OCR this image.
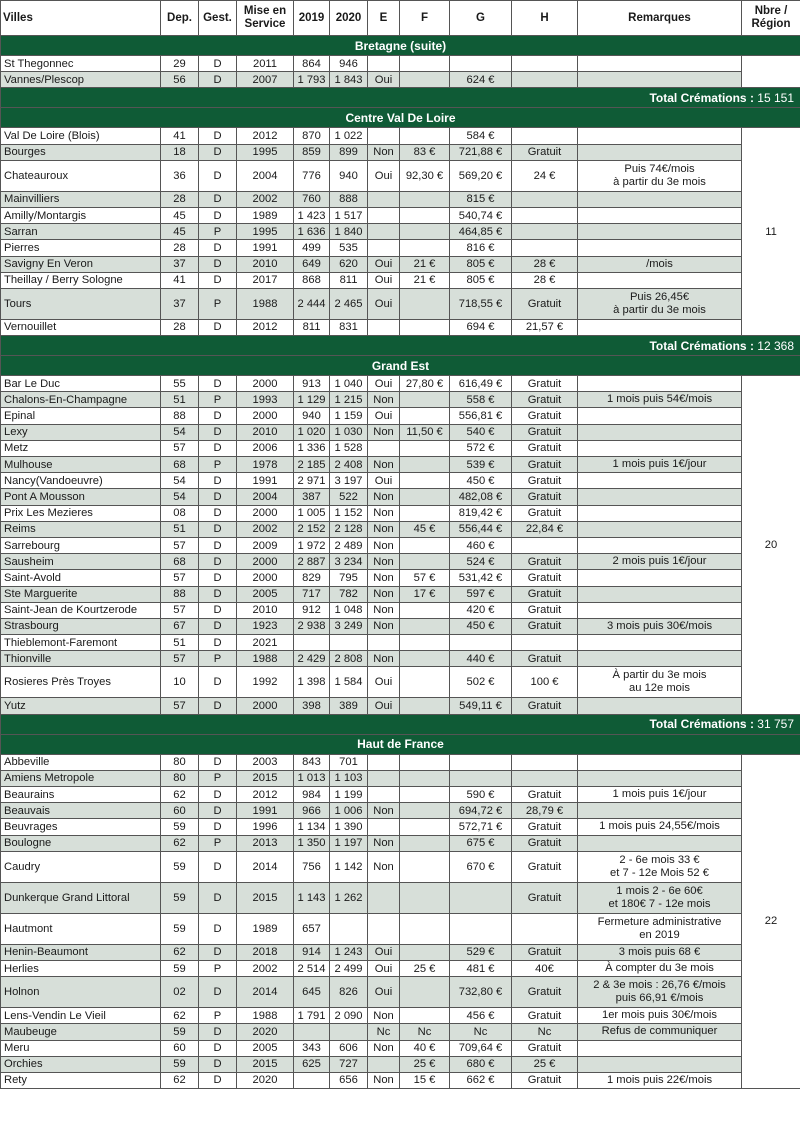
Villes	Dep.	Gest.	Mise en Service	2019	2020	E	F	G	H	Remarques	Nbre / Région
Bretagne (suite)											
St Thegonnec	29	D	2011	864	946						
Vannes/Plescop	56	D	2007	1 793	1 843	Oui		624 €			
Total Crémations : 15 151											
Centre Val De Loire											
Val De Loire (Blois)	41	D	2012	870	1 022			584 €			11
Bourges	18	D	1995	859	899	Non	83 €	721,88 €	Gratuit		
Chateauroux	36	D	2004	776	940	Oui	92,30 €	569,20 €	24 €	Puis 74€/mois
à partir du 3e mois	
Mainvilliers	28	D	2002	760	888			815 €			
Amilly/Montargis	45	D	1989	1 423	1 517			540,74 €			
Sarran	45	P	1995	1 636	1 840			464,85 €			
Pierres	28	D	1991	499	535			816 €			
Savigny En Veron	37	D	2010	649	620	Oui	21 €	805 €	28 €	/mois	
Theillay / Berry Sologne	41	D	2017	868	811	Oui	21 €	805 €	28 €		
Tours	37	P	1988	2 444	2 465	Oui		718,55 €	Gratuit	Puis 26,45€
à partir du 3e mois	
Vernouillet	28	D	2012	811	831			694 €	21,57 €		
Total Crémations : 12 368											
Grand Est											
Bar Le Duc	55	D	2000	913	1 040	Oui	27,80 €	616,49 €	Gratuit		20
Chalons-En-Champagne	51	P	1993	1 129	1 215	Non		558 €	Gratuit	1 mois puis 54€/mois	
Epinal	88	D	2000	940	1 159	Oui		556,81 €	Gratuit		
Lexy	54	D	2010	1 020	1 030	Non	11,50 €	540 €	Gratuit		
Metz	57	D	2006	1 336	1 528			572 €	Gratuit		
Mulhouse	68	P	1978	2 185	2 408	Non		539 €	Gratuit	1 mois puis 1€/jour	
Nancy(Vandoeuvre)	54	D	1991	2 971	3 197	Oui		450 €	Gratuit		
Pont A Mousson	54	D	2004	387	522	Non		482,08 €	Gratuit		
Prix Les Mezieres	08	D	2000	1 005	1 152	Non		819,42 €	Gratuit		
Reims	51	D	2002	2 152	2 128	Non	45 €	556,44 €	22,84 €		
Sarrebourg	57	D	2009	1 972	2 489	Non		460 €			
Sausheim	68	D	2000	2 887	3 234	Non		524 €	Gratuit	2 mois puis 1€/jour	
Saint-Avold	57	D	2000	829	795	Non	57 €	531,42 €	Gratuit		
Ste Marguerite	88	D	2005	717	782	Non	17 €	597 €	Gratuit		
Saint-Jean de Kourtzerode	57	D	2010	912	1 048	Non		420 €	Gratuit		
Strasbourg	67	D	1923	2 938	3 249	Non		450 €	Gratuit	3 mois puis 30€/mois	
Thieblemont-Faremont	51	D	2021								
Thionville	57	P	1988	2 429	2 808	Non		440 €	Gratuit		
Rosieres Près Troyes	10	D	1992	1 398	1 584	Oui		502 €	100 €	À partir du 3e mois
au 12e mois	
Yutz	57	D	2000	398	389	Oui		549,11 €	Gratuit		
Total Crémations : 31 757											
Haut de France											
Abbeville	80	D	2003	843	701						22
Amiens Metropole	80	P	2015	1 013	1 103						
Beaurains	62	D	2012	984	1 199			590 €	Gratuit	1 mois puis 1€/jour	
Beauvais	60	D	1991	966	1 006	Non		694,72 €	28,79 €		
Beuvrages	59	D	1996	1 134	1 390			572,71 €	Gratuit	1 mois puis 24,55€/mois	
Boulogne	62	P	2013	1 350	1 197	Non		675 €	Gratuit		
Caudry	59	D	2014	756	1 142	Non		670 €	Gratuit	2 - 6e mois 33 €
et 7 - 12e Mois 52 €	
Dunkerque Grand Littoral	59	D	2015	1 143	1 262				Gratuit	1 mois 2 - 6e 60€
et 180€ 7 - 12e mois	
Hautmont	59	D	1989	657						Fermeture administrative
en 2019	
Henin-Beaumont	62	D	2018	914	1 243	Oui		529 €	Gratuit	3 mois puis 68 €	
Herlies	59	P	2002	2 514	2 499	Oui	25 €	481 €	40€	À compter du 3e mois	
Holnon	02	D	2014	645	826	Oui		732,80 €	Gratuit	2 & 3e mois : 26,76 €/mois
puis 66,91 €/mois	
Lens-Vendin Le Vieil	62	P	1988	1 791	2 090	Non		456 €	Gratuit	1er mois puis 30€/mois	
Maubeuge	59	D	2020			Nc	Nc	Nc	Nc	Refus de communiquer	
Meru	60	D	2005	343	606	Non	40 €	709,64 €	Gratuit		
Orchies	59	D	2015	625	727		25 €	680 €	25 €		
Rety	62	D	2020		656	Non	15 €	662 €	Gratuit	1 mois puis 22€/mois	
